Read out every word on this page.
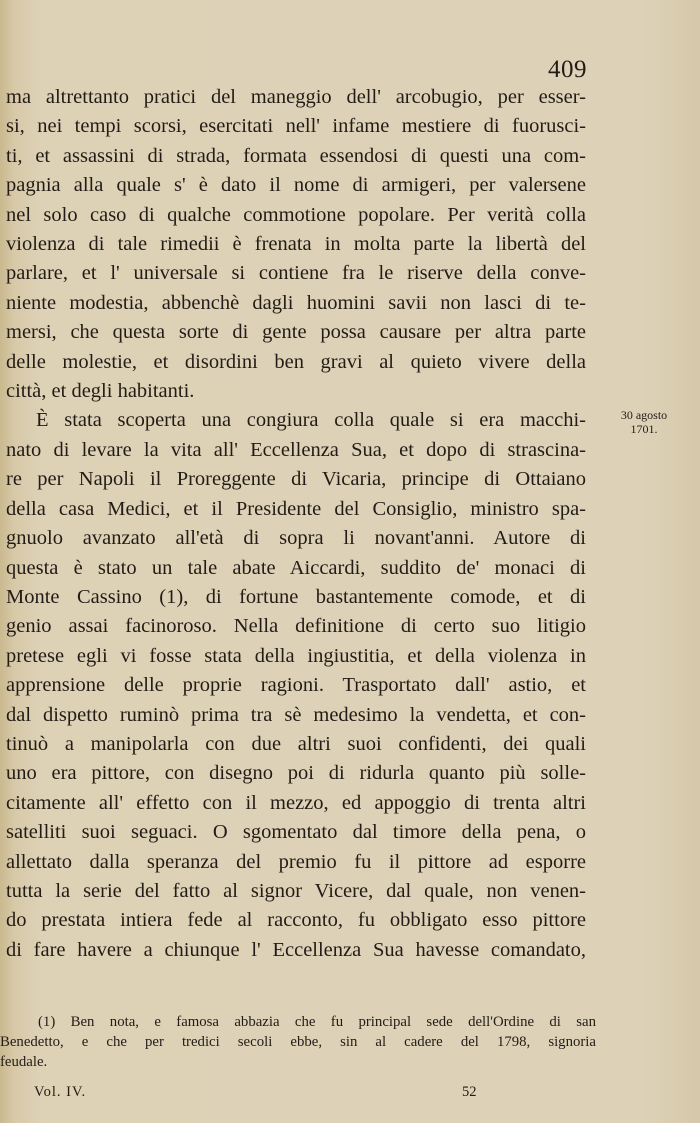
409
ma altrettanto pratici del maneggio dell' arcobugio, per esser-
si, nei tempi scorsi, esercitati nell' infame mestiere di fuorusci-
ti, et assassini di strada, formata essendosi di questi una com-
pagnia alla quale s' è dato il nome di armigeri, per valersene
nel solo caso di qualche commotione popolare. Per verità colla
violenza di tale rimedii è frenata in molta parte la libertà del
parlare, et l' universale si contiene fra le riserve della conve-
niente modestia, abbenchè dagli huomini savii non lasci di te-
mersi, che questa sorte di gente possa causare per altra parte
delle molestie, et disordini ben gravi al quieto vivere della
città, et degli habitanti.
È stata scoperta una congiura colla quale si era macchi-
nato di levare la vita all' Eccellenza Sua, et dopo di strascina-
re per Napoli il Proreggente di Vicaria, principe di Ottaiano
della casa Medici, et il Presidente del Consiglio, ministro spa-
gnuolo avanzato all'età di sopra li novant'anni. Autore di
questa è stato un tale abate Aiccardi, suddito de' monaci di
Monte Cassino (1), di fortune bastantemente comode, et di
genio assai facinoroso. Nella definitione di certo suo litigio
pretese egli vi fosse stata della ingiustitia, et della violenza in
apprensione delle proprie ragioni. Trasportato dall' astio, et
dal dispetto ruminò prima tra sè medesimo la vendetta, et con-
tinuò a manipolarla con due altri suoi confidenti, dei quali
uno era pittore, con disegno poi di ridurla quanto più solle-
citamente all' effetto con il mezzo, ed appoggio di trenta altri
satelliti suoi seguaci. O sgomentato dal timore della pena, o
allettato dalla speranza del premio fu il pittore ad esporre
tutta la serie del fatto al signor Vicere, dal quale, non venen-
do prestata intiera fede al racconto, fu obbligato esso pittore
di fare havere a chiunque l' Eccellenza Sua havesse comandato,
30 agosto
1701.
(1) Ben nota, e famosa abbazia che fu principal sede dell'Ordine di san
Benedetto, e che per tredici secoli ebbe, sin al cadere del 1798, signoria
feudale.
Vol. IV.	52
